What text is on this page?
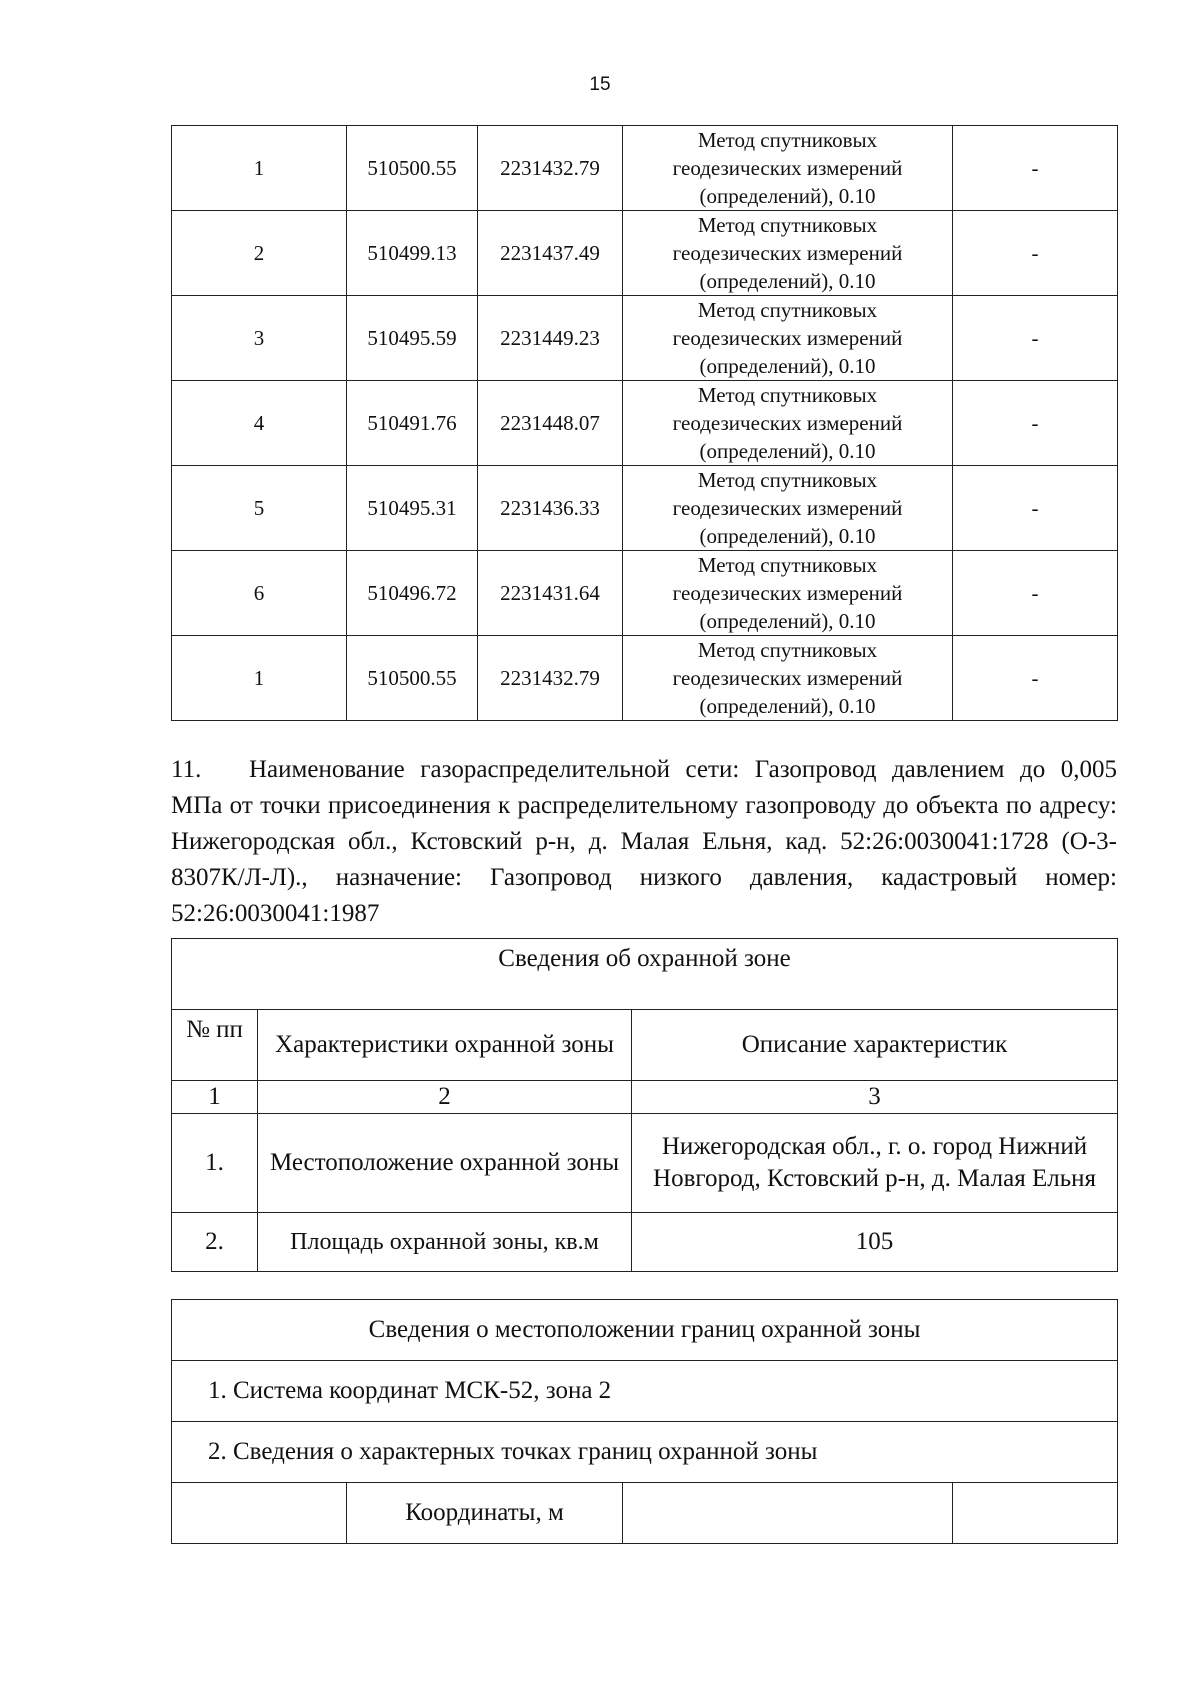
15
1	510500.55	2231432.79	Метод спутниковых
геодезических измерений
(определений), 0.10	-
2	510499.13	2231437.49	Метод спутниковых
геодезических измерений
(определений), 0.10	-
3	510495.59	2231449.23	Метод спутниковых
геодезических измерений
(определений), 0.10	-
4	510491.76	2231448.07	Метод спутниковых
геодезических измерений
(определений), 0.10	-
5	510495.31	2231436.33	Метод спутниковых
геодезических измерений
(определений), 0.10	-
6	510496.72	2231431.64	Метод спутниковых
геодезических измерений
(определений), 0.10	-
1	510500.55	2231432.79	Метод спутниковых
геодезических измерений
(определений), 0.10	-

11. Наименование газораспределительной сети: Газопровод давлением до 0,005 МПа от точки присоединения к распределительному газопроводу до объекта по адресу: Нижегородская обл., Кстовский р-н, д. Малая Ельня, кад. 52:26:0030041:1728 (О-3-8307К/Л-Л)., назначение: Газопровод низкого давления, кадастровый номер: 52:26:0030041:1987

Сведения об охранной зоне		
№ пп	Характеристики охранной зоны	Описание характеристик
1	2	3
1.	Местоположение охранной зоны	Нижегородская обл., г. о. город Нижний Новгород, Кстовский р-н, д. Малая Ельня
2.	Площадь охранной зоны, кв.м	105
Сведения о местоположении границ охранной зоны
1. Система координат МСК-52, зона 2
2. Сведения о характерных точках границ охранной зоны
	Координаты, м		
